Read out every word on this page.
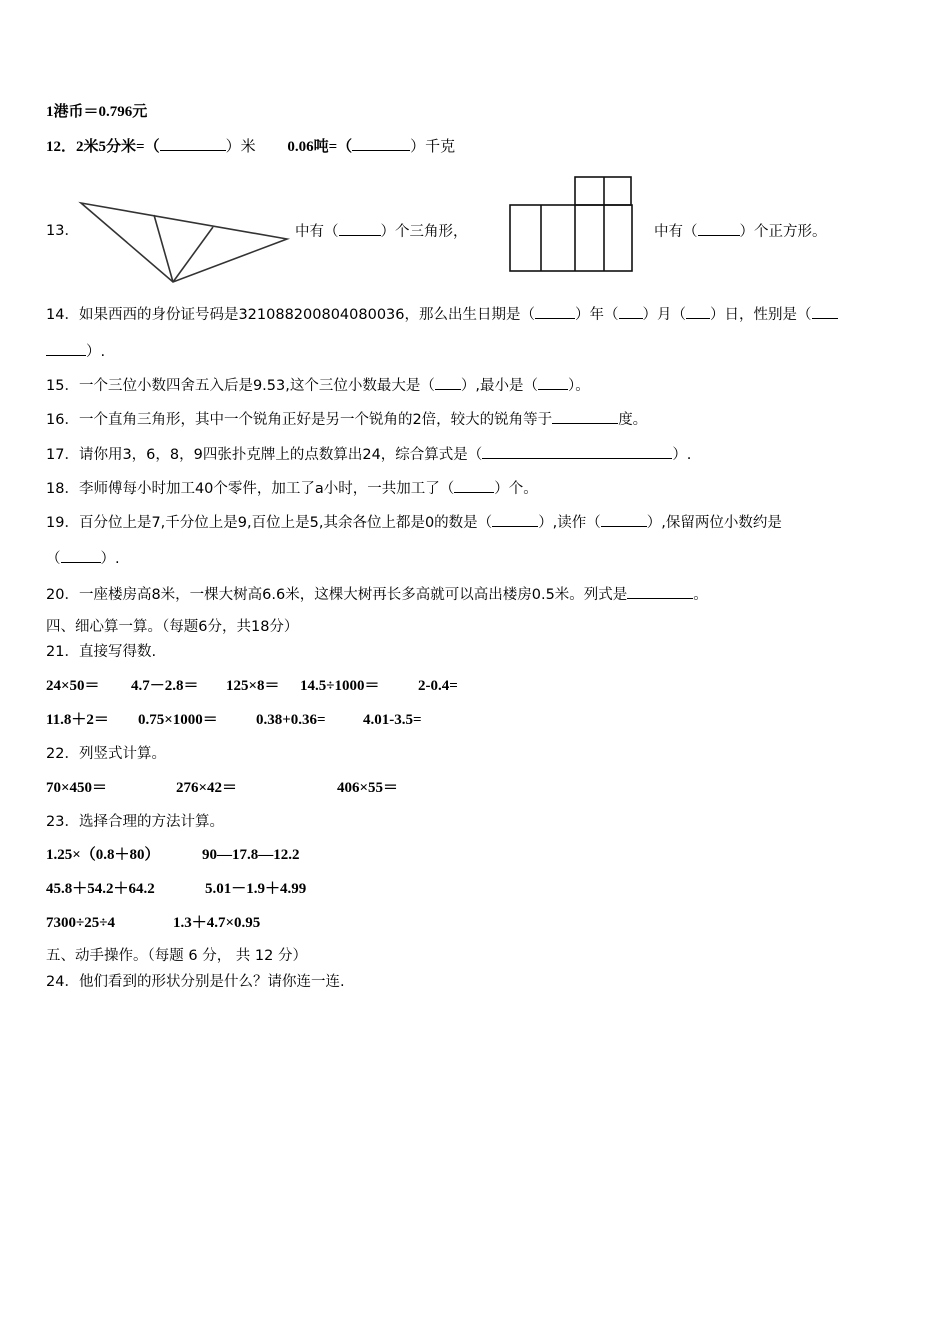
1港币＝0.796元
12．2米5分米=（	）米 0.06吨=（	）千克
13．	中有（	）个三角形，	中有（	）个正方形。
14．如果西西的身份证号码是321088200804080036，那么出生日期是（	）年（ ）月（ ）日，性别是（
）.
15．一个三位小数四舍五入后是9.53,这个三位小数最大是（ ）,最小是（ ）。
16．一个直角三角形，其中一个锐角正好是另一个锐角的2倍，较大的锐角等于	度。
17．请你用3，6，8，9四张扑克牌上的点数算出24，综合算式是（	）.
18．李师傅每小时加工40个零件，加工了a小时，一共加工了（	）个。
19．百分位上是7,千分位上是9,百位上是5,其余各位上都是0的数是（	）,读作（	）,保留两位小数约是
（	）.
20．一座楼房高8米，一棵大树高6.6米，这棵大树再长多高就可以高出楼房0.5米。列式是	。
四、细心算一算。（每题6分，共18分）
21．直接写得数.
24×50＝ 4.7－2.8＝ 125×8＝ 14.5÷1000＝	2-0.4=
11.8＋2＝ 0.75×1000＝	0.38+0.36= 4.01-3.5=
22．列竖式计算。
70×450＝	276×42＝	406×55＝
23．选择合理的方法计算。
1.25×（0.8＋80）	90—17.8—12.2
45.8＋54.2＋64.2	5.01－1.9＋4.99
7300÷25÷4	1.3＋4.7×0.95
五、动手操作。（每题 6 分， 共 12 分）
24．他们看到的形状分别是什么？请你连一连.
